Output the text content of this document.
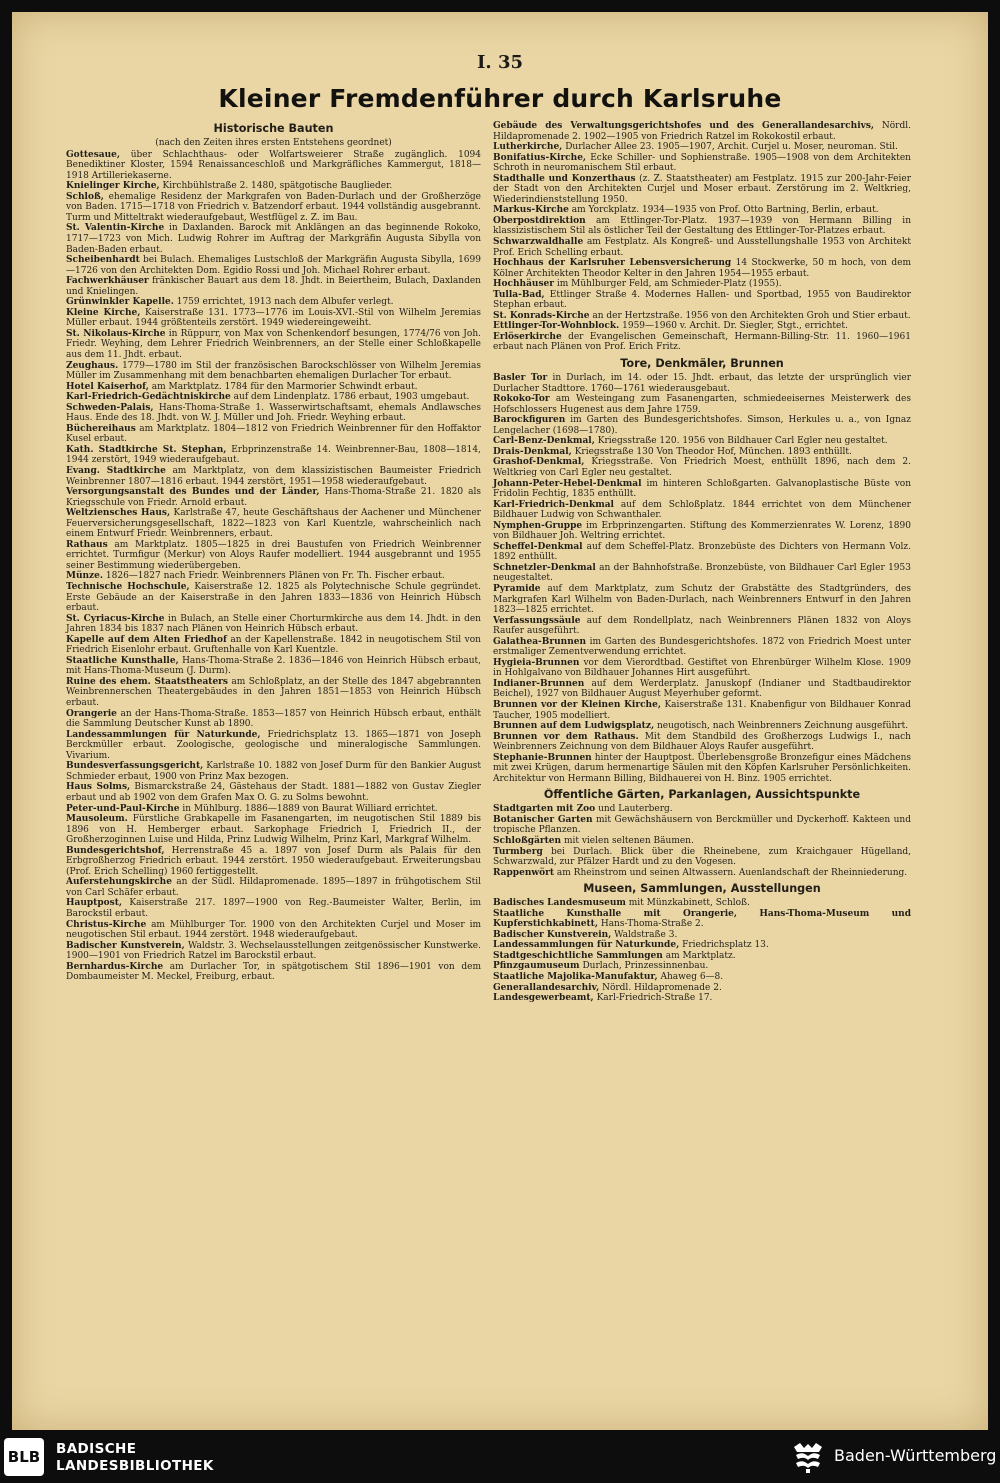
I. 35
Kleiner Fremdenführer durch Karlsruhe
Historische Bauten
(nach den Zeiten ihres ersten Entstehens geordnet)

Gottesaue, über Schlachthaus- oder Wolfartsweierer Straße zugänglich. 1094 Benediktiner Kloster, 1594 Renaissanceschloß und Markgräfliches Kammergut, 1818—1918 Artilleriekaserne.

Knielinger Kirche, Kirchbühlstraße 2. 1480, spätgotische Bauglieder.

Schloß, ehemalige Residenz der Markgrafen von Baden-Durlach und der Großherzöge von Baden. 1715—1718 von Friedrich v. Batzendorf erbaut. 1944 vollständig ausgebrannt. Turm und Mitteltrakt wiederaufgebaut, Westflügel z. Z. im Bau.

St. Valentin-Kirche in Daxlanden. Barock mit Anklängen an das beginnende Rokoko, 1717—1723 von Mich. Ludwig Rohrer im Auftrag der Markgräfin Augusta Sibylla von Baden-Baden erbaut.

Scheibenhardt bei Bulach. Ehemaliges Lustschloß der Markgräfin Augusta Sibylla, 1699—1726 von den Architekten Dom. Egidio Rossi und Joh. Michael Rohrer erbaut.

Fachwerkhäuser fränkischer Bauart aus dem 18. Jhdt. in Beiertheim, Bulach, Daxlanden und Knielingen.

Grünwinkler Kapelle. 1759 errichtet, 1913 nach dem Albufer verlegt.

Kleine Kirche, Kaiserstraße 131. 1773—1776 im Louis-XVI.-Stil von Wilhelm Jeremias Müller erbaut. 1944 größtenteils zerstört. 1949 wiedereingeweiht.

St. Nikolaus-Kirche in Rüppurr, von Max von Schenkendorf besungen, 1774/76 von Joh. Friedr. Weyhing, dem Lehrer Friedrich Weinbrenners, an der Stelle einer Schloßkapelle aus dem 11. Jhdt. erbaut.

Zeughaus. 1779—1780 im Stil der französischen Barockschlösser von Wilhelm Jeremias Müller im Zusammenhang mit dem benachbarten ehemaligen Durlacher Tor erbaut.

Hotel Kaiserhof, am Marktplatz. 1784 für den Marmorier Schwindt erbaut.

Karl-Friedrich-Gedächtniskirche auf dem Lindenplatz. 1786 erbaut, 1903 umgebaut.

Schweden-Palais, Hans-Thoma-Straße 1. Wasserwirtschaftsamt, ehemals Andlawsches Haus. Ende des 18. Jhdt. von W. J. Müller und Joh. Friedr. Weyhing erbaut.

Büchereihaus am Marktplatz. 1804—1812 von Friedrich Weinbrenner für den Hoffaktor Kusel erbaut.

Kath. Stadtkirche St. Stephan, Erbprinzenstraße 14. Weinbrenner-Bau, 1808—1814, 1944 zerstört, 1949 wiederaufgebaut.

Evang. Stadtkirche am Marktplatz, von dem klassizistischen Baumeister Friedrich Weinbrenner 1807—1816 erbaut. 1944 zerstört, 1951—1958 wiederaufgebaut.

Versorgungsanstalt des Bundes und der Länder, Hans-Thoma-Straße 21. 1820 als Kriegsschule von Friedr. Arnold erbaut.

Weltziensches Haus, Karlstraße 47, heute Geschäftshaus der Aachener und Münchener Feuerversicherungsgesellschaft, 1822—1823 von Karl Kuentzle, wahrscheinlich nach einem Entwurf Friedr. Weinbrenners, erbaut.

Rathaus am Marktplatz. 1805—1825 in drei Baustufen von Friedrich Weinbrenner errichtet. Turmfigur (Merkur) von Aloys Raufer modelliert. 1944 ausgebrannt und 1955 seiner Bestimmung wiederübergeben.

Münze. 1826—1827 nach Friedr. Weinbrenners Plänen von Fr. Th. Fischer erbaut.

Technische Hochschule, Kaiserstraße 12. 1825 als Polytechnische Schule gegründet. Erste Gebäude an der Kaiserstraße in den Jahren 1833—1836 von Heinrich Hübsch erbaut.

St. Cyriacus-Kirche in Bulach, an Stelle einer Chorturmkirche aus dem 14. Jhdt. in den Jahren 1834 bis 1837 nach Plänen von Heinrich Hübsch erbaut.

Kapelle auf dem Alten Friedhof an der Kapellenstraße. 1842 in neugotischem Stil von Friedrich Eisenlohr erbaut. Gruftenhalle von Karl Kuentzle.

Staatliche Kunsthalle, Hans-Thoma-Straße 2. 1836—1846 von Heinrich Hübsch erbaut, mit Hans-Thoma-Museum (J. Durm).

Ruine des ehem. Staatstheaters am Schloßplatz, an der Stelle des 1847 abgebrannten Weinbrennerschen Theatergebäudes in den Jahren 1851—1853 von Heinrich Hübsch erbaut.

Orangerie an der Hans-Thoma-Straße. 1853—1857 von Heinrich Hübsch erbaut, enthält die Sammlung Deutscher Kunst ab 1890.

Landessammlungen für Naturkunde, Friedrichsplatz 13. 1865—1871 von Joseph Berckmüller erbaut. Zoologische, geologische und mineralogische Sammlungen. Vivarium.

Bundesverfassungsgericht, Karlstraße 10. 1882 von Josef Durm für den Bankier August Schmieder erbaut, 1900 von Prinz Max bezogen.

Haus Solms, Bismarckstraße 24, Gästehaus der Stadt. 1881—1882 von Gustav Ziegler erbaut und ab 1902 von dem Grafen Max O. G. zu Solms bewohnt.

Peter-und-Paul-Kirche in Mühlburg. 1886—1889 von Baurat Williard errichtet.

Mausoleum. Fürstliche Grabkapelle im Fasanengarten, im neugotischen Stil 1889 bis 1896 von H. Hemberger erbaut. Sarkophage Friedrich I, Friedrich II., der Großherzoginnen Luise und Hilda, Prinz Ludwig Wilhelm, Prinz Karl, Markgraf Wilhelm.

Bundesgerichtshof, Herrenstraße 45 a. 1897 von Josef Durm als Palais für den Erbgroßherzog Friedrich erbaut. 1944 zerstört. 1950 wiederaufgebaut. Erweiterungsbau (Prof. Erich Schelling) 1960 fertiggestellt.

Auferstehungskirche an der Südl. Hildapromenade. 1895—1897 in frühgotischem Stil von Carl Schäfer erbaut.

Hauptpost, Kaiserstraße 217. 1897—1900 von Reg.-Baumeister Walter, Berlin, im Barockstil erbaut.

Christus-Kirche am Mühlburger Tor. 1900 von den Architekten Curjel und Moser im neugotischen Stil erbaut. 1944 zerstört. 1948 wiederaufgebaut.

Badischer Kunstverein, Waldstr. 3. Wechselausstellungen zeitgenössischer Kunstwerke. 1900—1901 von Friedrich Ratzel im Barockstil erbaut.

Bernhardus-Kirche am Durlacher Tor, in spätgotischem Stil 1896—1901 von dem Dombaumeister M. Meckel, Freiburg, erbaut.

Gebäude des Verwaltungsgerichtshofes und des Generallandesarchivs, Nördl. Hildapromenade 2. 1902—1905 von Friedrich Ratzel im Rokokostil erbaut.

Lutherkirche, Durlacher Allee 23. 1905—1907, Archit. Curjel u. Moser, neuroman. Stil.

Bonifatius-Kirche, Ecke Schiller- und Sophienstraße. 1905—1908 von dem Architekten Schroth in neuromanischem Stil erbaut.

Stadthalle und Konzerthaus (z. Z. Staatstheater) am Festplatz. 1915 zur 200-Jahr-Feier der Stadt von den Architekten Curjel und Moser erbaut. Zerstörung im 2. Weltkrieg, Wiederindienststellung 1950.

Markus-Kirche am Yorckplatz. 1934—1935 von Prof. Otto Bartning, Berlin, erbaut.

Oberpostdirektion am Ettlinger-Tor-Platz. 1937—1939 von Hermann Billing in klassizistischem Stil als östlicher Teil der Gestaltung des Ettlinger-Tor-Platzes erbaut.

Schwarzwaldhalle am Festplatz. Als Kongreß- und Ausstellungshalle 1953 von Architekt Prof. Erich Schelling erbaut.

Hochhaus der Karlsruher Lebensversicherung 14 Stockwerke, 50 m hoch, von dem Kölner Architekten Theodor Kelter in den Jahren 1954—1955 erbaut.

Hochhäuser im Mühlburger Feld, am Schmieder-Platz (1955).

Tulla-Bad, Ettlinger Straße 4. Modernes Hallen- und Sportbad, 1955 von Baudirektor Stephan erbaut.

St. Konrads-Kirche an der Hertzstraße. 1956 von den Architekten Groh und Stier erbaut.

Ettlinger-Tor-Wohnblock. 1959—1960 v. Archit. Dr. Siegler, Stgt., errichtet.

Erlöserkirche der Evangelischen Gemeinschaft, Hermann-Billing-Str. 11. 1960—1961 erbaut nach Plänen von Prof. Erich Fritz.

Tore, Denkmäler, Brunnen

Basler Tor in Durlach, im 14. oder 15. Jhdt. erbaut, das letzte der ursprünglich vier Durlacher Stadttore. 1760—1761 wiederausgebaut.

Rokoko-Tor am Westeingang zum Fasanengarten, schmiedeeisernes Meisterwerk des Hofschlossers Hugenest aus dem Jahre 1759.

Barockfiguren im Garten des Bundesgerichtshofes. Simson, Herkules u. a., von Ignaz Lengelacher (1698—1780).

Carl-Benz-Denkmal, Kriegsstraße 120. 1956 von Bildhauer Carl Egler neu gestaltet.

Drais-Denkmal, Kriegsstraße 130 Von Theodor Hof, München. 1893 enthüllt.

Grashof-Denkmal, Kriegsstraße. Von Friedrich Moest, enthüllt 1896, nach dem 2. Weltkrieg von Carl Egler neu gestaltet.

Johann-Peter-Hebel-Denkmal im hinteren Schloßgarten. Galvanoplastische Büste von Fridolin Fechtig, 1835 enthüllt.

Karl-Friedrich-Denkmal auf dem Schloßplatz. 1844 errichtet von dem Münchener Bildhauer Ludwig von Schwanthaler.

Nymphen-Gruppe im Erbprinzengarten. Stiftung des Kommerzienrates W. Lorenz, 1890 von Bildhauer Joh. Weltring errichtet.

Scheffel-Denkmal auf dem Scheffel-Platz. Bronzebüste des Dichters von Hermann Volz. 1892 enthüllt.

Schnetzler-Denkmal an der Bahnhofstraße. Bronzebüste, von Bildhauer Carl Egler 1953 neugestaltet.

Pyramide auf dem Marktplatz, zum Schutz der Grabstätte des Stadtgründers, des Markgrafen Karl Wilhelm von Baden-Durlach, nach Weinbrenners Entwurf in den Jahren 1823—1825 errichtet.

Verfassungssäule auf dem Rondellplatz, nach Weinbrenners Plänen 1832 von Aloys Raufer ausgeführt.

Galathea-Brunnen im Garten des Bundesgerichtshofes. 1872 von Friedrich Moest unter erstmaliger Zementverwendung errichtet.

Hygieia-Brunnen vor dem Vierordtbad. Gestiftet von Ehrenbürger Wilhelm Klose. 1909 in Hohlgalvano von Bildhauer Johannes Hirt ausgeführt.

Indianer-Brunnen auf dem Werderplatz. Januskopf (Indianer und Stadtbaudirektor Beichel), 1927 von Bildhauer August Meyerhuber geformt.

Brunnen vor der Kleinen Kirche, Kaiserstraße 131. Knabenfigur von Bildhauer Konrad Taucher, 1905 modelliert.

Brunnen auf dem Ludwigsplatz, neugotisch, nach Weinbrenners Zeichnung ausgeführt.

Brunnen vor dem Rathaus. Mit dem Standbild des Großherzogs Ludwigs I., nach Weinbrenners Zeichnung von dem Bildhauer Aloys Raufer ausgeführt.

Stephanie-Brunnen hinter der Hauptpost. Überlebensgroße Bronzefigur eines Mädchens mit zwei Krügen, darum hermenartige Säulen mit den Köpfen Karlsruher Persönlichkeiten. Architektur von Hermann Billing, Bildhauerei von H. Binz. 1905 errichtet.

Öffentliche Gärten, Parkanlagen, Aussichtspunkte

Stadtgarten mit Zoo und Lauterberg.

Botanischer Garten mit Gewächshäusern von Berckmüller und Dyckerhoff. Kakteen und tropische Pflanzen.

Schloßgärten mit vielen seltenen Bäumen.

Turmberg bei Durlach. Blick über die Rheinebene, zum Kraichgauer Hügelland, Schwarzwald, zur Pfälzer Hardt und zu den Vogesen.

Rappenwört am Rheinstrom und seinen Altwassern. Auenlandschaft der Rheinniederung.

Museen, Sammlungen, Ausstellungen

Badisches Landesmuseum mit Münzkabinett, Schloß.

Staatliche Kunsthalle mit Orangerie, Hans-Thoma-Museum und Kupferstichkabinett, Hans-Thoma-Straße 2.

Badischer Kunstverein, Waldstraße 3.

Landessammlungen für Naturkunde, Friedrichsplatz 13.

Stadtgeschichtliche Sammlungen am Marktplatz.

Pfinzgaumuseum Durlach, Prinzessinnenbau.

Staatliche Majolika-Manufaktur, Ahaweg 6—8.

Generallandesarchiv, Nördl. Hildapromenade 2.

Landesgewerbeamt, Karl-Friedrich-Straße 17.

BLB BADISCHE
LANDESBIBLIOTHEK
Baden-Württemberg
